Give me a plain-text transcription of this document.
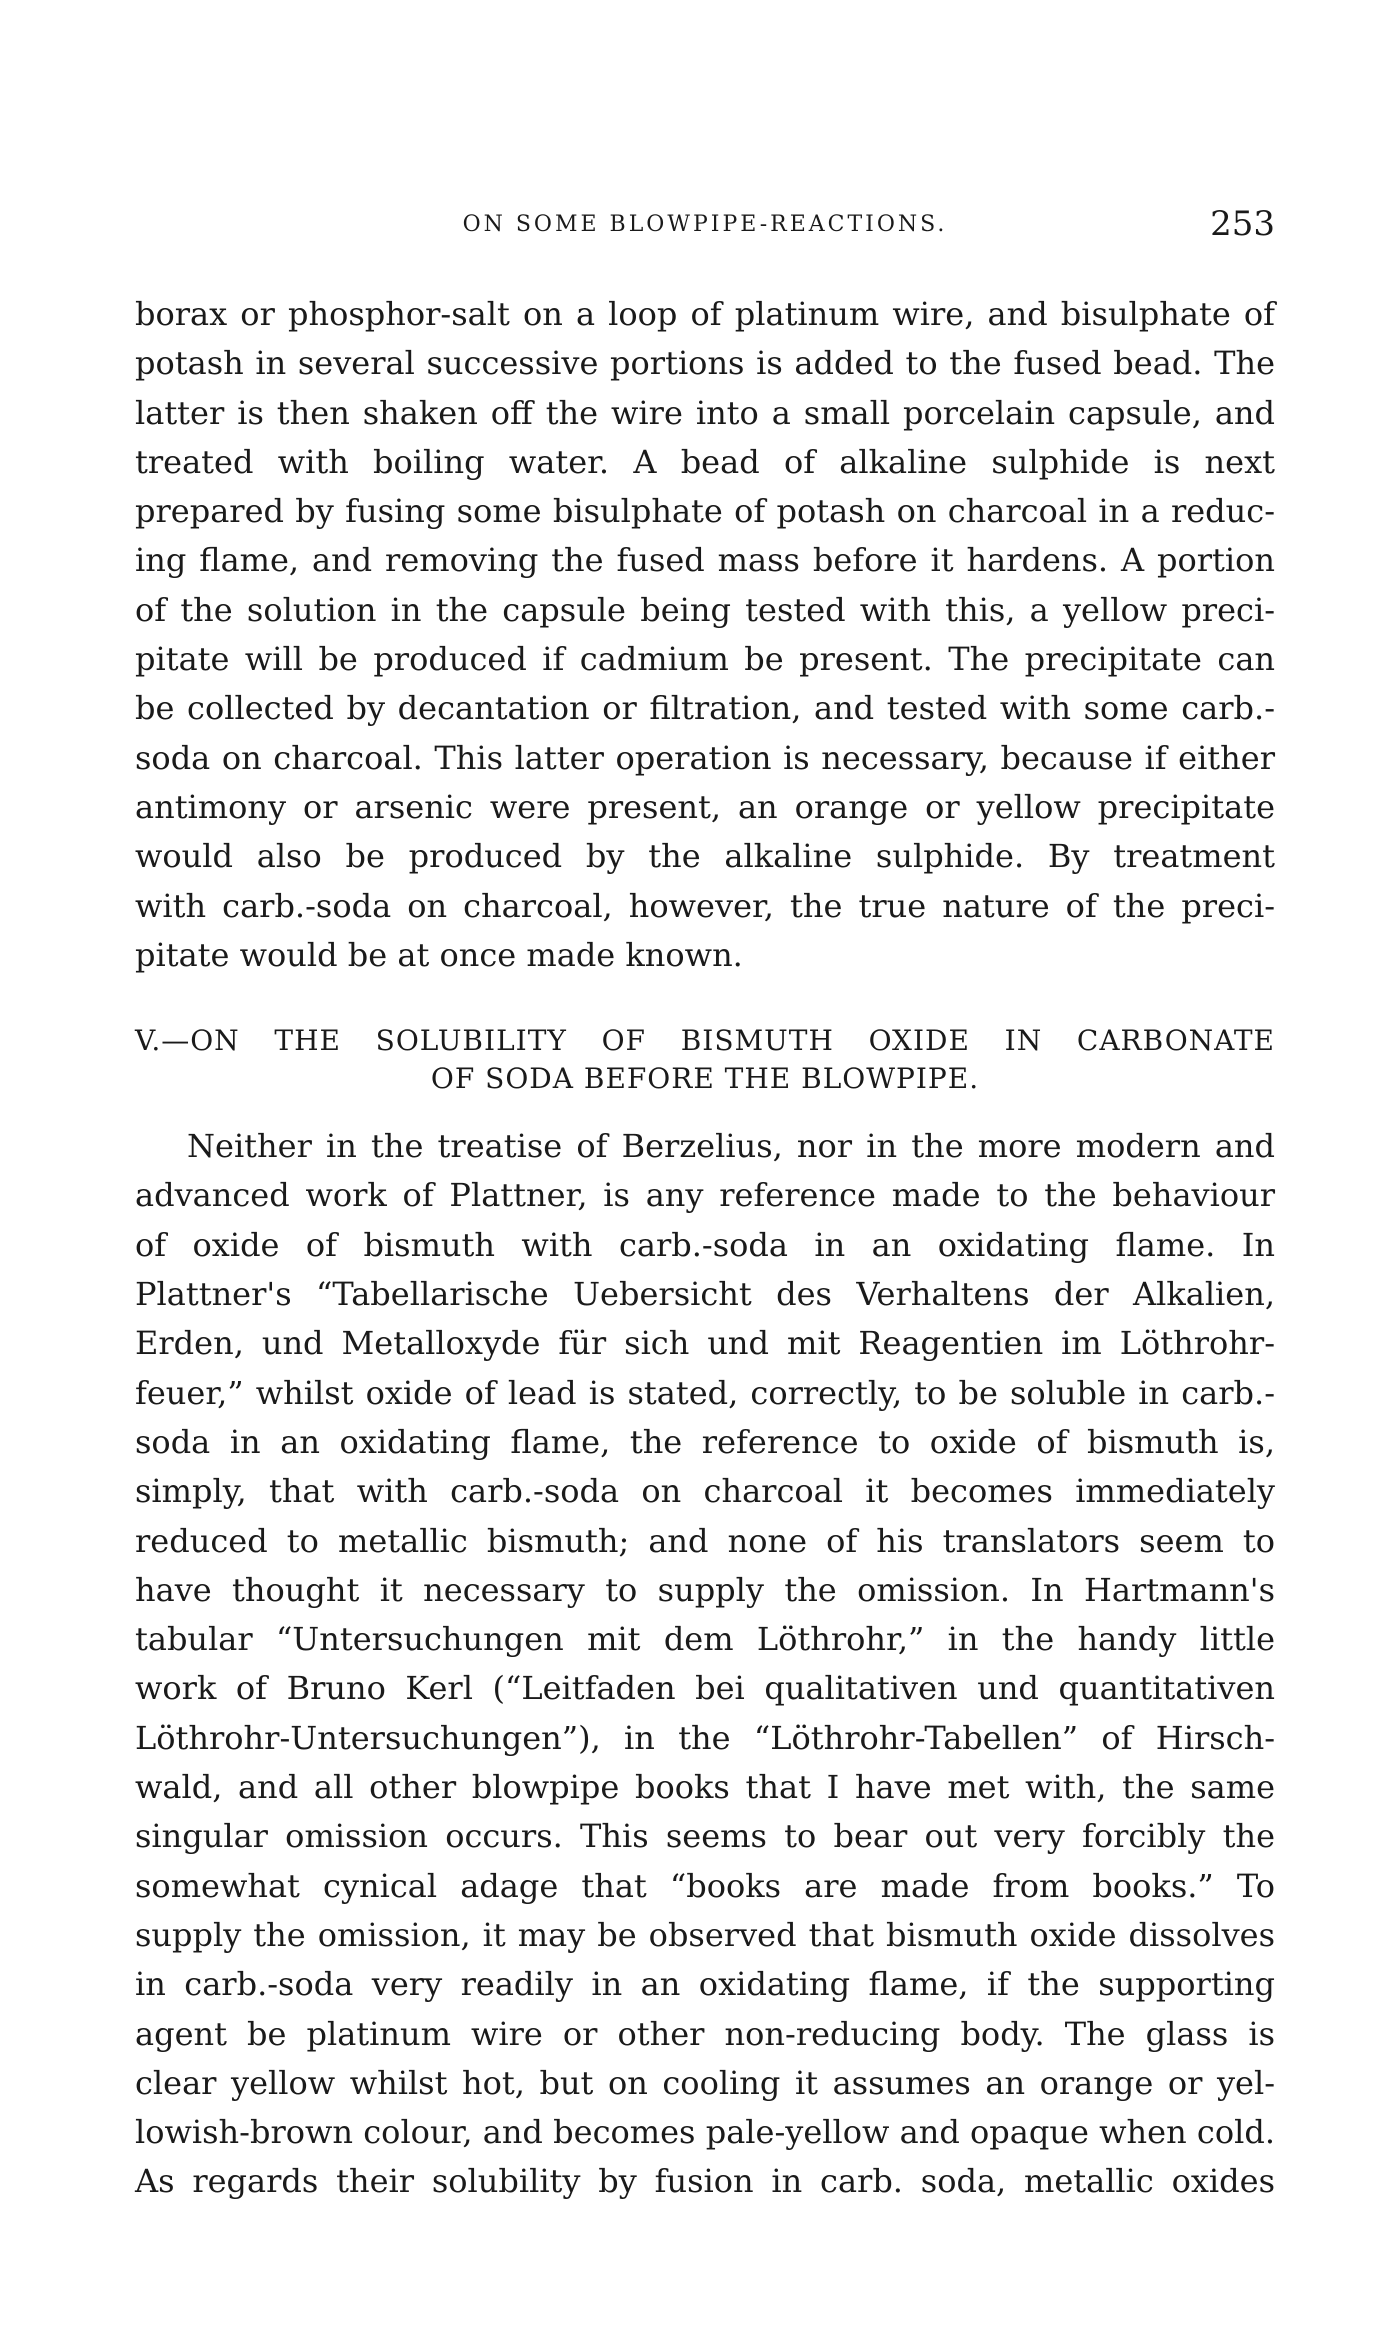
ON SOME BLOWPIPE-REACTIONS.	253
borax or phosphor-salt on a loop of platinum wire, and bisulphate of
potash in several successive portions is added to the fused bead. The
latter is then shaken off the wire into a small porcelain capsule, and
treated with boiling water. A bead of alkaline sulphide is next
prepared by fusing some bisulphate of potash on charcoal in a reduc-
ing flame, and removing the fused mass before it hardens. A portion
of the solution in the capsule being tested with this, a yellow preci-
pitate will be produced if cadmium be present. The precipitate can
be collected by decantation or filtration, and tested with some carb.-
soda on charcoal. This latter operation is necessary, because if either
antimony or arsenic were present, an orange or yellow precipitate
would also be produced by the alkaline sulphide. By treatment
with carb.-soda on charcoal, however, the true nature of the preci-
pitate would be at once made known.
V.—ON THE SOLUBILITY OF BISMUTH OXIDE IN CARBONATE
OF SODA BEFORE THE BLOWPIPE.
Neither in the treatise of Berzelius, nor in the more modern and
advanced work of Plattner, is any reference made to the behaviour
of oxide of bismuth with carb.-soda in an oxidating flame. In
Plattner's “Tabellarische Uebersicht des Verhaltens der Alkalien,
Erden, und Metalloxyde für sich und mit Reagentien im Löthrohr-
feuer,” whilst oxide of lead is stated, correctly, to be soluble in carb.-
soda in an oxidating flame, the reference to oxide of bismuth is,
simply, that with carb.-soda on charcoal it becomes immediately
reduced to metallic bismuth; and none of his translators seem to
have thought it necessary to supply the omission. In Hartmann's
tabular “Untersuchungen mit dem Löthrohr,” in the handy little
work of Bruno Kerl (“Leitfaden bei qualitativen und quantitativen
Löthrohr-Untersuchungen”), in the “Löthrohr-Tabellen” of Hirsch-
wald, and all other blowpipe books that I have met with, the same
singular omission occurs. This seems to bear out very forcibly the
somewhat cynical adage that “books are made from books.” To
supply the omission, it may be observed that bismuth oxide dissolves
in carb.-soda very readily in an oxidating flame, if the supporting
agent be platinum wire or other non-reducing body. The glass is
clear yellow whilst hot, but on cooling it assumes an orange or yel-
lowish-brown colour, and becomes pale-yellow and opaque when cold.
As regards their solubility by fusion in carb. soda, metallic oxides
